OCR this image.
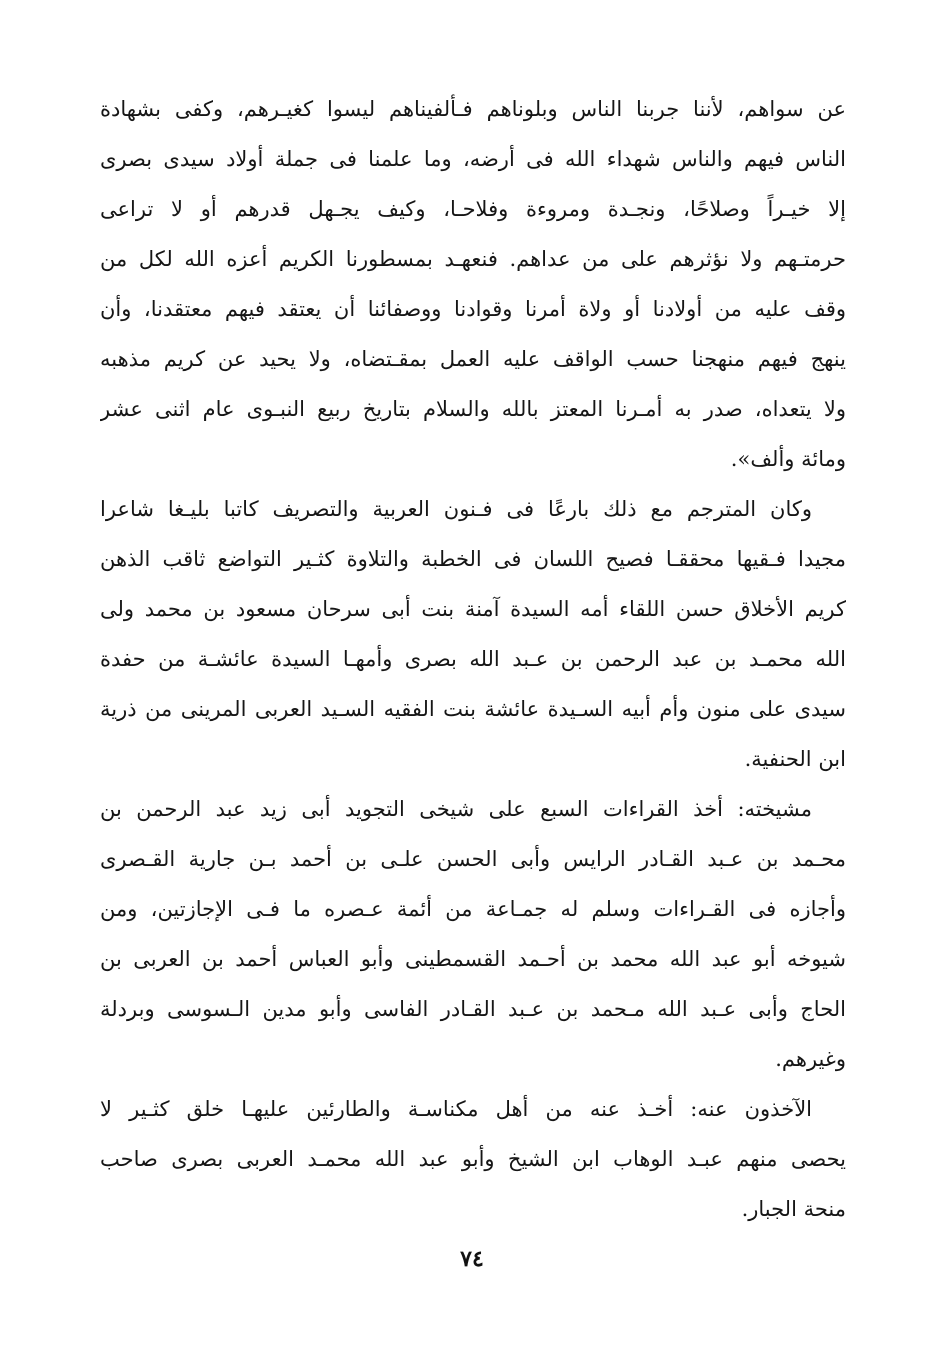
عن سواهم، لأننا جربنا الناس وبلوناهم فـألفيناهم ليسوا كغيـرهم، وكفى بشهادة
الناس فيهم والناس شهداء الله فى أرضه، وما علمنا فى جملة أولاد سيدى بصرى
إلا خيـراً وصلاحًا، ونجـدة ومروءة وفلاحـا، وكيف يجـهل قدرهم أو لا تراعى
حرمتـهم ولا نؤثرهم على من عداهم. فنعهـد بمسطورنا الكريم أعزه الله لكل من
وقف عليه من أولادنا أو ولاة أمرنا وقوادنا ووصفائنا أن يعتقد فيهم معتقدنا، وأن
ينهج فيهم منهجنا حسب الواقف عليه العمل بمقـتضاه، ولا يحيد عن كريم مذهبه
ولا يتعداه، صدر به أمـرنا المعتز بالله والسلام بتاريخ ربيع النبـوى عام اثنى عشر
ومائة وألف».

وكان المترجم مع ذلك بارعًا فى فـنون العربية والتصريف كاتبا بليـغا شاعرا
مجيدا فـقيها محققـا فصيح اللسان فى الخطبة والتلاوة كثـير التواضع ثاقب الذهن
كريم الأخلاق حسن اللقاء أمه السيدة آمنة بنت أبى سرحان مسعود بن محمد ولى
الله محمـد بن عبد الرحمن بن عـبد الله بصرى وأمهـا السيدة عائشـة من حفدة
سيدى على منون وأم أبيه السـيدة عائشة بنت الفقيه السـيد العربى المرينى من ذرية
ابن الحنفية.

مشيخته: أخذ القراءات السبع على شيخى التجويد أبى زيد عبد الرحمن بن
محـمد بن عـبد القـادر الرايس وأبى الحسن علـى بن أحمد بـن جارية القـصرى
وأجازه فى القـراءات وسلم له جمـاعة من أئمة عـصره ما فـى الإجازتين، ومن
شيوخه أبو عبد الله محمد بن أحـمد القسمطينى وأبو العباس أحمد بن العربى بن
الحاج وأبى عـبد الله مـحمد بن عـبد القـادر الفاسى وأبو مدين الـسوسى وبردلة
وغيرهم.

الآخذون عنه: أخـذ عنه من أهل مكناسـة والطارئين عليهـا خلق كثـير لا
يحصى منهم عبـد الوهاب ابن الشيخ وأبو عبد الله محمـد العربى بصرى صاحب
منحة الجبار.

٧٤
